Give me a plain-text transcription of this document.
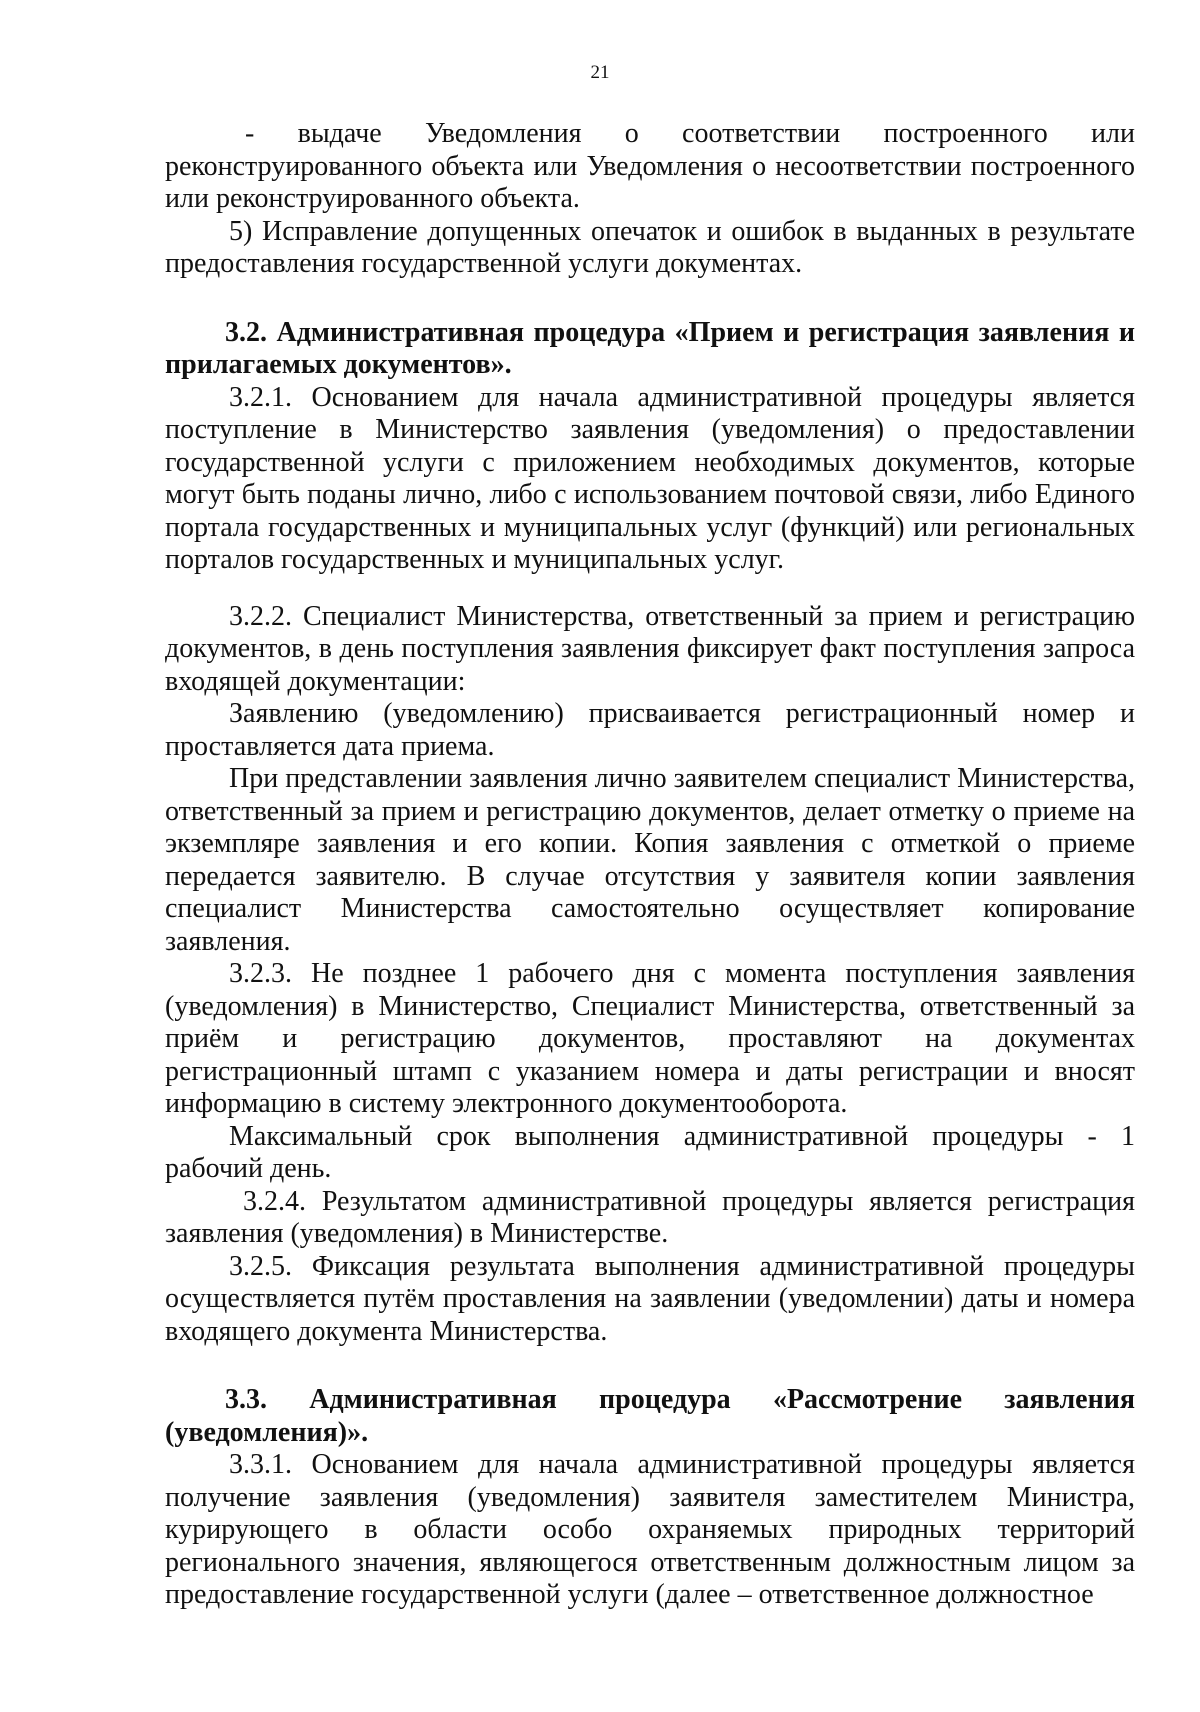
21

- выдаче Уведомления о соответствии построенного или реконструированного объекта или Уведомления о несоответствии построенного или реконструированного объекта.

5) Исправление допущенных опечаток и ошибок в выданных в результате предоставления государственной услуги документах.

3.2. Административная процедура «Прием и регистрация заявления и прилагаемых документов».

3.2.1. Основанием для начала административной процедуры является поступление в Министерство заявления (уведомления) о предоставлении государственной услуги с приложением необходимых документов, которые могут быть поданы лично, либо с использованием почтовой связи, либо Единого портала государственных и муниципальных услуг (функций) или региональных порталов государственных и муниципальных услуг.

3.2.2. Специалист Министерства, ответственный за прием и регистрацию документов, в день поступления заявления фиксирует факт поступления запроса входящей документации:

Заявлению (уведомлению) присваивается регистрационный номер и проставляется дата приема.

При представлении заявления лично заявителем специалист Министерства, ответственный за прием и регистрацию документов, делает отметку о приеме на экземпляре заявления и его копии. Копия заявления с отметкой о приеме передается заявителю. В случае отсутствия у заявителя копии заявления специалист Министерства самостоятельно осуществляет копирование заявления.

3.2.3. Не позднее 1 рабочего дня с момента поступления заявления (уведомления) в Министерство, Специалист Министерства, ответственный за приём и регистрацию документов, проставляют на документах регистрационный штамп с указанием номера и даты регистрации и вносят информацию в систему электронного документооборота.

Максимальный срок выполнения административной процедуры - 1 рабочий день.

3.2.4. Результатом административной процедуры является регистрация заявления (уведомления) в Министерстве.

3.2.5. Фиксация результата выполнения административной процедуры осуществляется путём проставления на заявлении (уведомлении) даты и номера входящего документа Министерства.

3.3. Административная процедура «Рассмотрение заявления (уведомления)».

3.3.1. Основанием для начала административной процедуры является получение заявления (уведомления) заявителя заместителем Министра, курирующего в области особо охраняемых природных территорий регионального значения, являющегося ответственным должностным лицом за предоставление государственной услуги (далее – ответственное должностное
